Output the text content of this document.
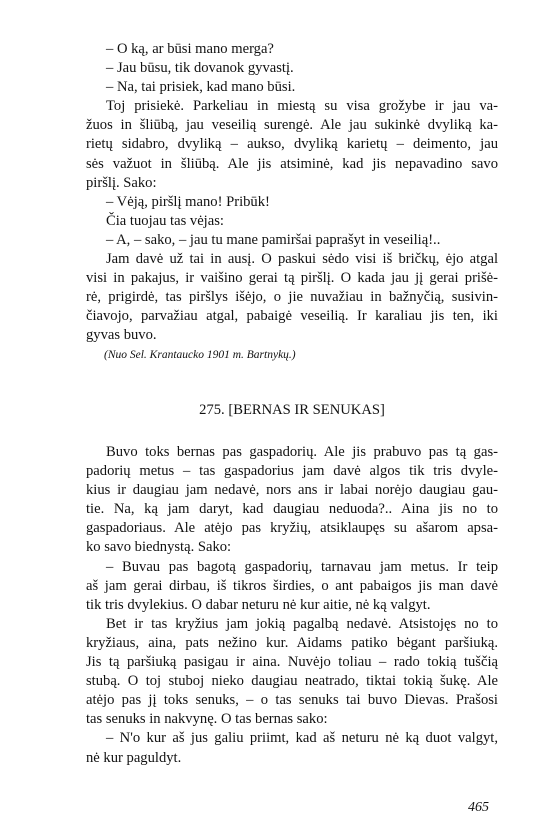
– O ką, ar būsi mano merga?
– Jau būsu, tik dovanok gyvastį.
– Na, tai prisiek, kad mano būsi.
Toj prisiekė. Parkeliau in miestą su visa grožybe ir jau va-
žuos in šliūbą, jau veseilią surengė. Ale jau sukinkė dvyliką ka-
rietų sidabro, dvyliką – aukso, dvyliką karietų – deimento, jau
sės važuot in šliūbą. Ale jis atsiminė, kad jis nepavadino savo
piršlį. Sako:
– Vėją, piršlį mano! Pribūk!
Čia tuojau tas vėjas:
– A, – sako, – jau tu mane pamiršai paprašyt in veseilią!..
Jam davė už tai in ausį. O paskui sėdo visi iš bričkų, ėjo atgal
visi in pakajus, ir vaišino gerai tą piršlį. O kada jau jį gerai prišė-
rė, prigirdė, tas piršlys išėjo, o jie nuvažiau in bažnyčią, susivin-
čiavojo, parvažiau atgal, pabaigė veseilią. Ir karaliau jis ten, iki
gyvas buvo.
(Nuo Sel. Krantaucko 1901 m. Bartnykų.)
275. [BERNAS IR SENUKAS]
Buvo toks bernas pas gaspadorių. Ale jis prabuvo pas tą gas-
padorių metus – tas gaspadorius jam davė algos tik tris dvyle-
kius ir daugiau jam nedavė, nors ans ir labai norėjo daugiau gau-
tie. Na, ką jam daryt, kad daugiau neduoda?.. Aina jis no to
gaspadoriaus. Ale atėjo pas kryžių, atsiklaupęs su ašarom apsa-
ko savo biednystą. Sako:
– Buvau pas bagotą gaspadorių, tarnavau jam metus. Ir teip
aš jam gerai dirbau, iš tikros širdies, o ant pabaigos jis man davė
tik tris dvylekius. O dabar neturu nė kur aitie, nė ką valgyt.
Bet ir tas kryžius jam jokią pagalbą nedavė. Atsistojęs no to
kryžiaus, aina, pats nežino kur. Aidams patiko bėgant paršiuką.
Jis tą paršiuką pasigau ir aina. Nuvėjo toliau – rado tokią tuščią
stubą. O toj stuboj nieko daugiau neatrado, tiktai tokią šukę. Ale
atėjo pas jį toks senuks, – o tas senuks tai buvo Dievas. Prašosi
tas senuks in nakvynę. O tas bernas sako:
– N'o kur aš jus galiu priimt, kad aš neturu nė ką duot valgyt,
nė kur paguldyt.
465
